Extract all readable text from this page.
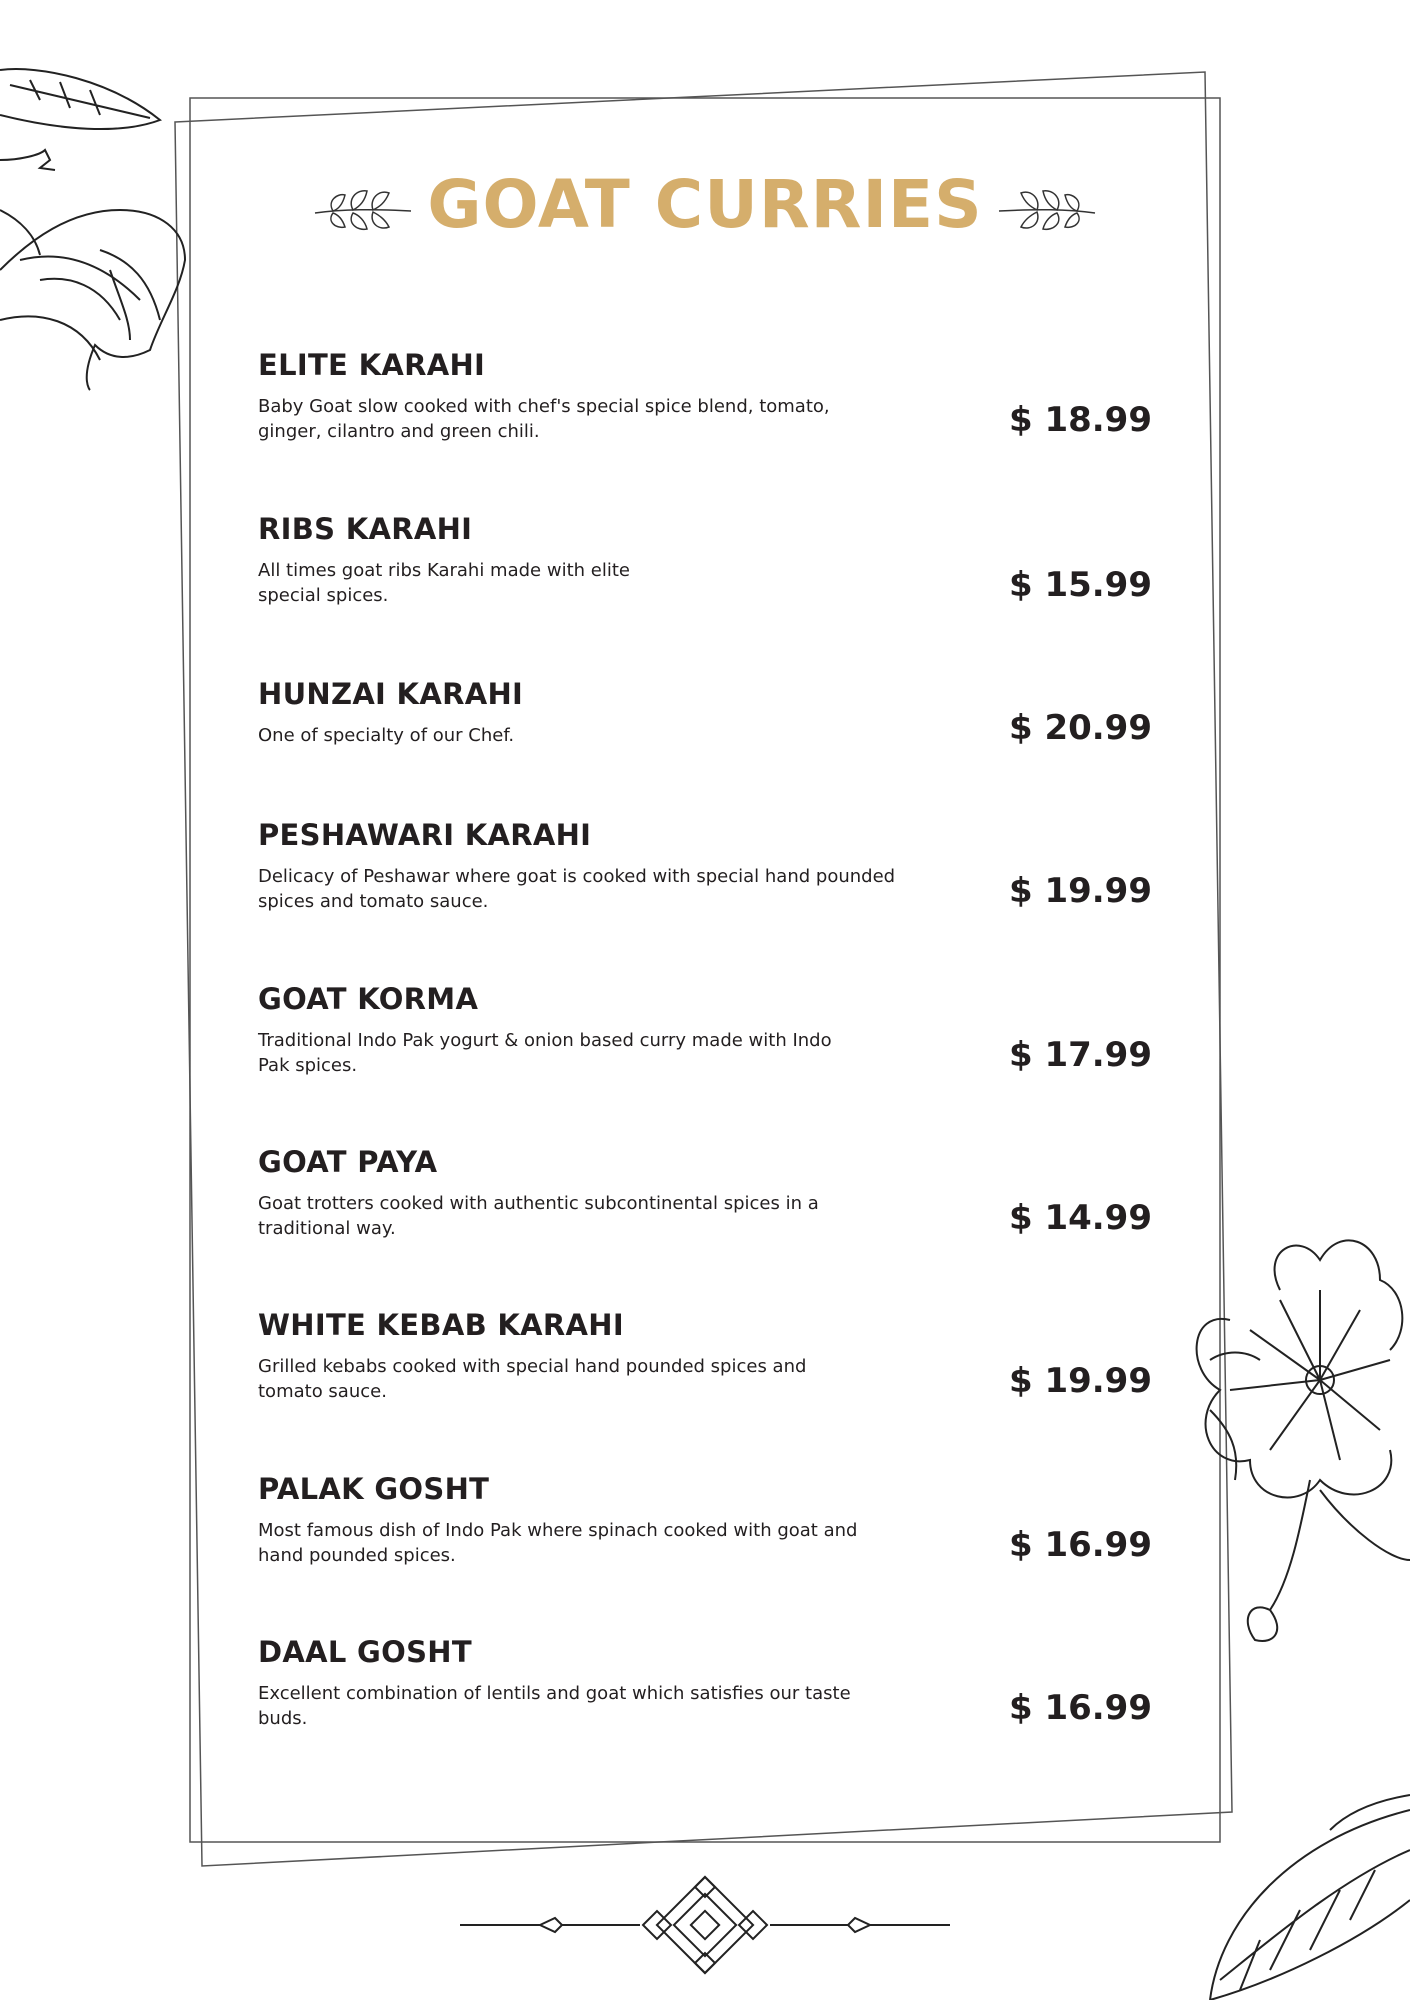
GOAT CURRIES
ELITE KARAHI
Baby Goat slow cooked with chef's special spice blend, tomato, ginger, cilantro and green chili.	$ 18.99
RIBS KARAHI
All times goat ribs Karahi made with elite special spices.	$ 15.99
HUNZAI KARAHI
One of specialty of our Chef.	$ 20.99
PESHAWARI KARAHI
Delicacy of Peshawar where goat is cooked with special hand pounded spices and tomato sauce.	$ 19.99
GOAT KORMA
Traditional Indo Pak yogurt & onion based curry made with Indo Pak spices.	$ 17.99
GOAT PAYA
Goat trotters cooked with authentic subcontinental spices in a traditional way.	$ 14.99
WHITE KEBAB KARAHI
Grilled kebabs cooked with special hand pounded spices and tomato sauce.	$ 19.99
PALAK GOSHT
Most famous dish of Indo Pak where spinach cooked with goat and hand pounded spices.	$ 16.99
DAAL GOSHT
Excellent combination of lentils and goat which satisfies our taste buds.	$ 16.99
